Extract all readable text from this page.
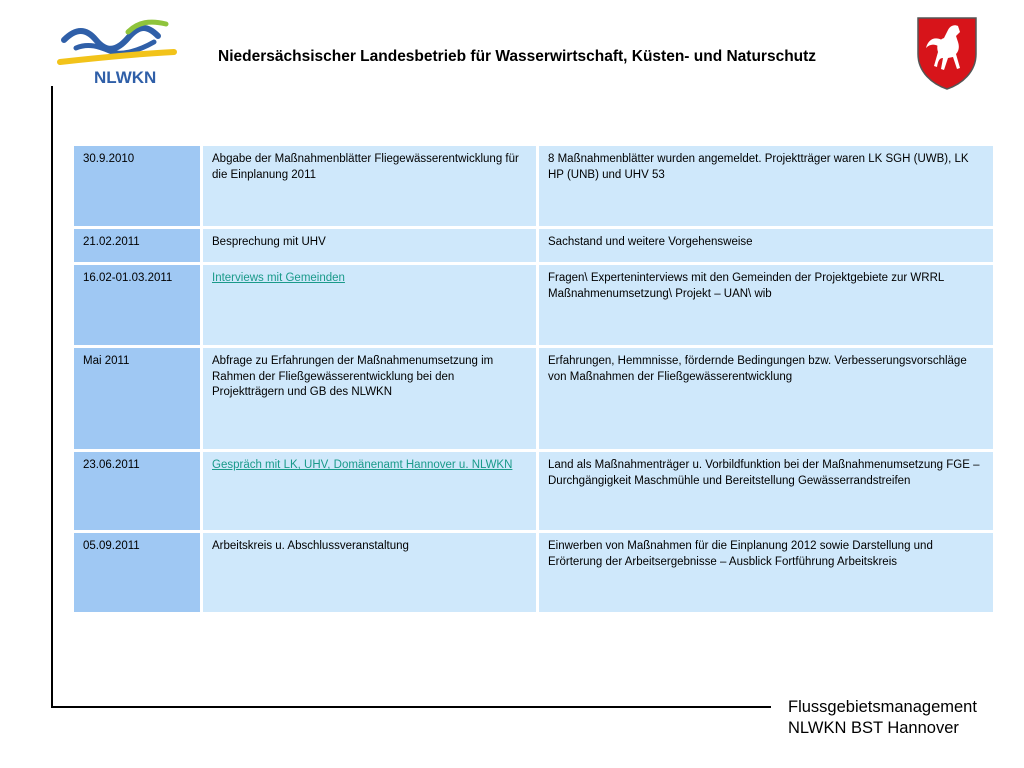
NLWKN
Niedersächsischer Landesbetrieb für Wasserwirtschaft, Küsten- und Naturschutz
30.9.2010	Abgabe der Maßnahmenblätter Fliegewässerentwicklung für die Einplanung 2011	8 Maßnahmenblätter wurden angemeldet. Projektträger waren LK SGH (UWB), LK HP (UNB) und UHV 53
21.02.2011	Besprechung mit UHV	Sachstand und weitere Vorgehensweise
16.02-01.03.2011	Interviews mit Gemeinden	Fragen\ Experteninterviews mit den Gemeinden der Projektgebiete zur WRRL Maßnahmenumsetzung\ Projekt – UAN\ wib
Mai 2011	Abfrage zu Erfahrungen der Maßnahmenumsetzung im Rahmen der Fließgewässerentwicklung bei den Projektträgern und GB des NLWKN	Erfahrungen, Hemmnisse, fördernde Bedingungen bzw. Verbesserungsvorschläge von Maßnahmen der Fließgewässerentwicklung
23.06.2011	Gespräch mit LK, UHV, Domänenamt Hannover u. NLWKN	Land als Maßnahmenträger u. Vorbildfunktion bei der Maßnahmenumsetzung FGE – Durchgängigkeit Maschmühle und Bereitstellung Gewässerrandstreifen
05.09.2011	Arbeitskreis u. Abschlussveranstaltung	Einwerben von Maßnahmen für die Einplanung 2012 sowie Darstellung und Erörterung der Arbeitsergebnisse – Ausblick Fortführung Arbeitskreis
Flussgebietsmanagement
NLWKN BST Hannover
